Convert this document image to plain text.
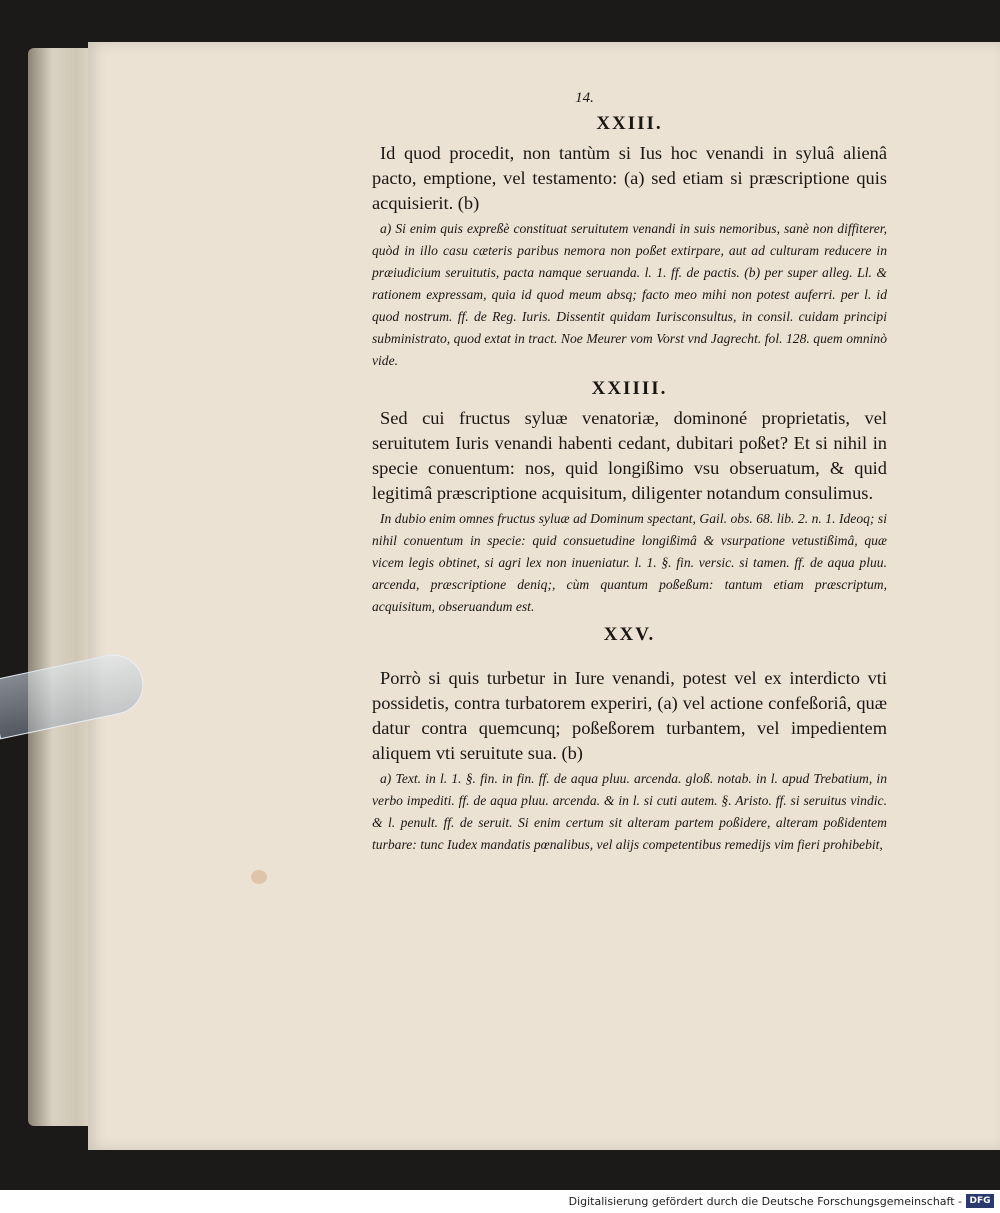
14.

XXIII.

Id quod procedit, non tantùm si Ius hoc venandi in syluâ alienâ pacto, emptione, vel testamento: (a) sed etiam si præscriptione quis acquisierit. (b)

a) Si enim quis expreßè constituat seruitutem venandi in suis nemoribus, sanè non diffiterer, quòd in illo casu cæteris paribus nemora non poßet extirpare, aut ad culturam reducere in præiudicium seruitutis, pacta namque seruanda. l. 1. ff. de pactis. (b) per super alleg. Ll. & rationem expressam, quia id quod meum absq; facto meo mihi non potest auferri. per l. id quod nostrum. ff. de Reg. Iuris. Dissentit quidam Iurisconsultus, in consil. cuidam principi subministrato, quod extat in tract. Noe Meurer vom Vorst vnd Jagrecht. fol. 128. quem omninò vide.

XXIIII.

Sed cui fructus syluæ venatoriæ, dominoné proprietatis, vel seruitutem Iuris venandi habenti cedant, dubitari poßet? Et si nihil in specie conuentum: nos, quid longißimo vsu obseruatum, & quid legitimâ præscriptione acquisitum, diligenter notandum consulimus.

In dubio enim omnes fructus syluæ ad Dominum spectant, Gail. obs. 68. lib. 2. n. 1. Ideoq; si nihil conuentum in specie: quid consuetudine longißimâ & vsurpatione vetustißimâ, quæ vicem legis obtinet, si agri lex non inueniatur. l. 1. §. fin. versic. si tamen. ff. de aqua pluu. arcenda, præscriptione deniq;, cùm quantum poßeßum: tantum etiam præscriptum, acquisitum, obseruandum est.

XXV.

Porrò si quis turbetur in Iure venandi, potest vel ex interdicto vti possidetis, contra turbatorem experiri, (a) vel actione confeßoriâ, quæ datur contra quemcunq; poßeßorem turbantem, vel impedientem aliquem vti seruitute sua. (b)

a) Text. in l. 1. §. fin. in fin. ff. de aqua pluu. arcenda. gloß. notab. in l. apud Trebatium, in verbo impediti. ff. de aqua pluu. arcenda. & in l. si cuti autem. §. Aristo. ff. si seruitus vindic. & l. penult. ff. de seruit. Si enim certum sit alteram partem poßidere, alteram poßidentem turbare: tunc Iudex mandatis pœnalibus, vel alijs competentibus remedijs vim fieri prohibebit,

Digitalisierung gefördert durch die Deutsche Forschungsgemeinschaft - DFG
